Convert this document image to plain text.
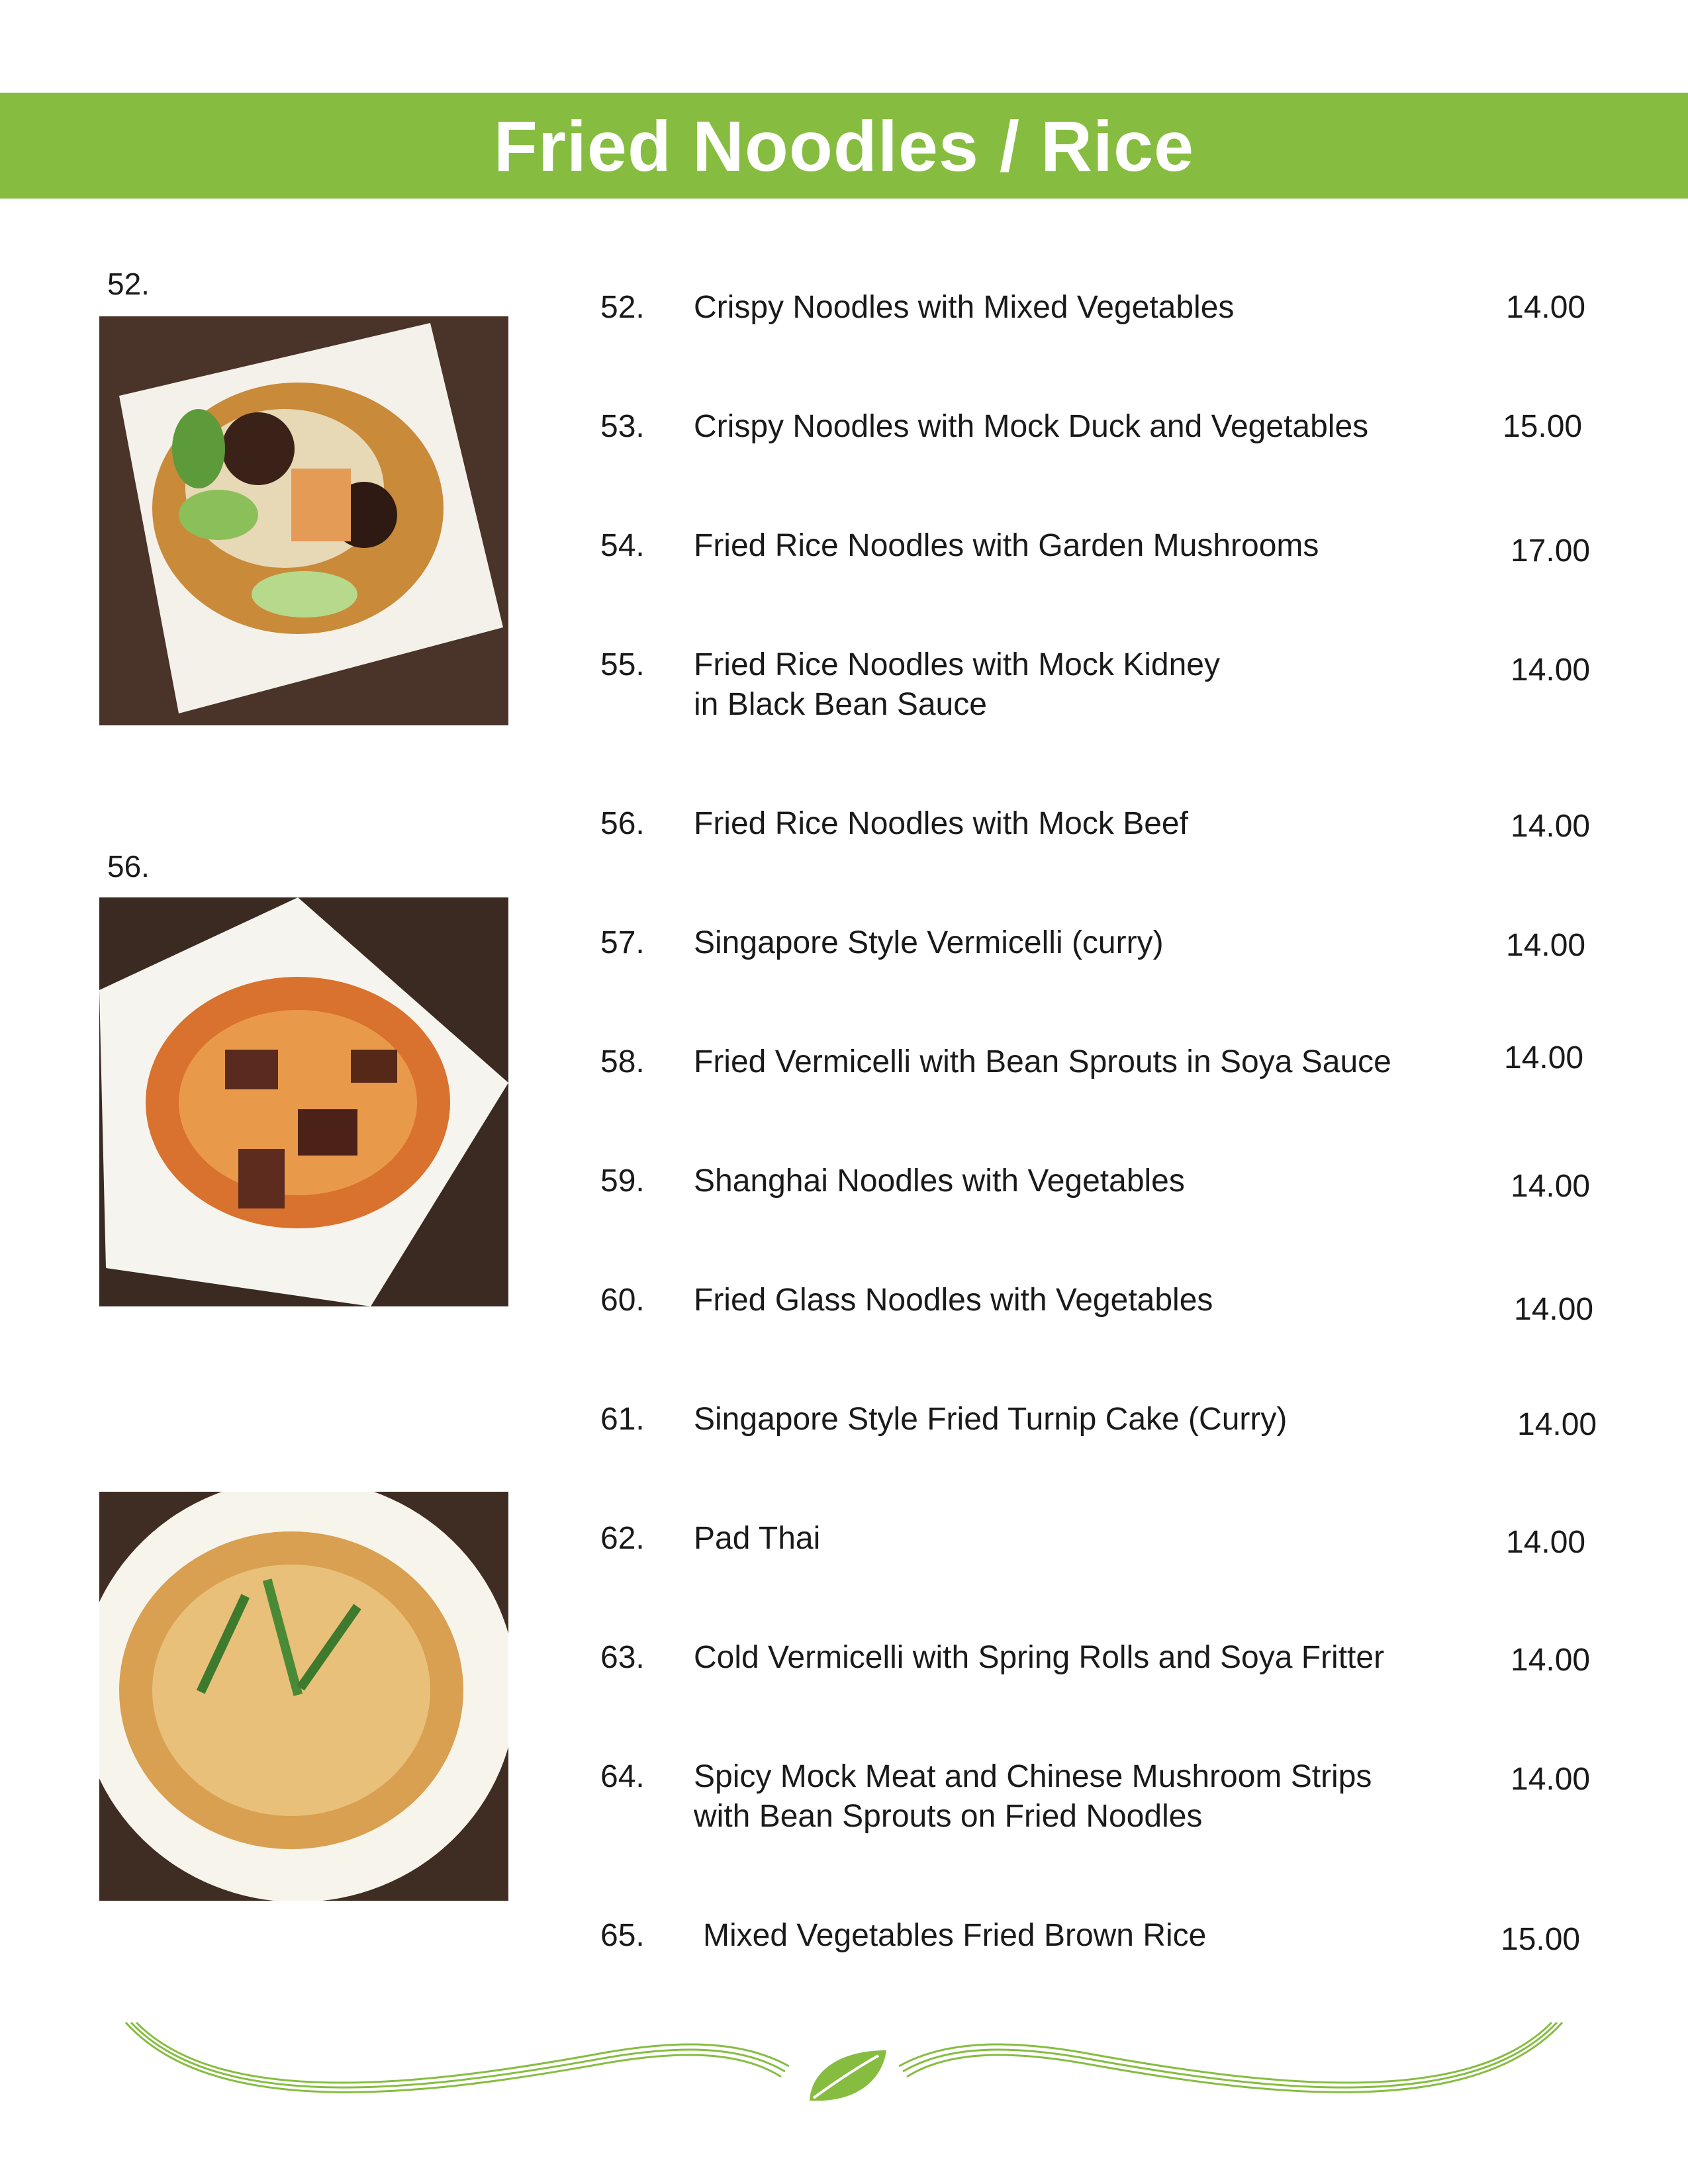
Fried Noodles / Rice
52.
56.
52. Crispy Noodles with Mixed Vegetables	14.00
53. Crispy Noodles with Mock Duck and Vegetables	15.00
54. Fried Rice Noodles with Garden Mushrooms	17.00
55. Fried Rice Noodles with Mock Kidney
in Black Bean Sauce
14.00
56. Fried Rice Noodles with Mock Beef	14.00
57. Singapore Style Vermicelli (curry)	14.00
58. Fried Vermicelli with Bean Sprouts in Soya Sauce	14.00
59. Shanghai Noodles with Vegetables	14.00
60. Fried Glass Noodles with Vegetables	14.00
61. Singapore Style Fried Turnip Cake (Curry)	14.00
62. Pad Thai	14.00
63. Cold Vermicelli with Spring Rolls and Soya Fritter	14.00
64. Spicy Mock Meat and Chinese Mushroom Strips
with Bean Sprouts on Fried Noodles
14.00
65. Mixed Vegetables Fried Brown Rice	15.00
